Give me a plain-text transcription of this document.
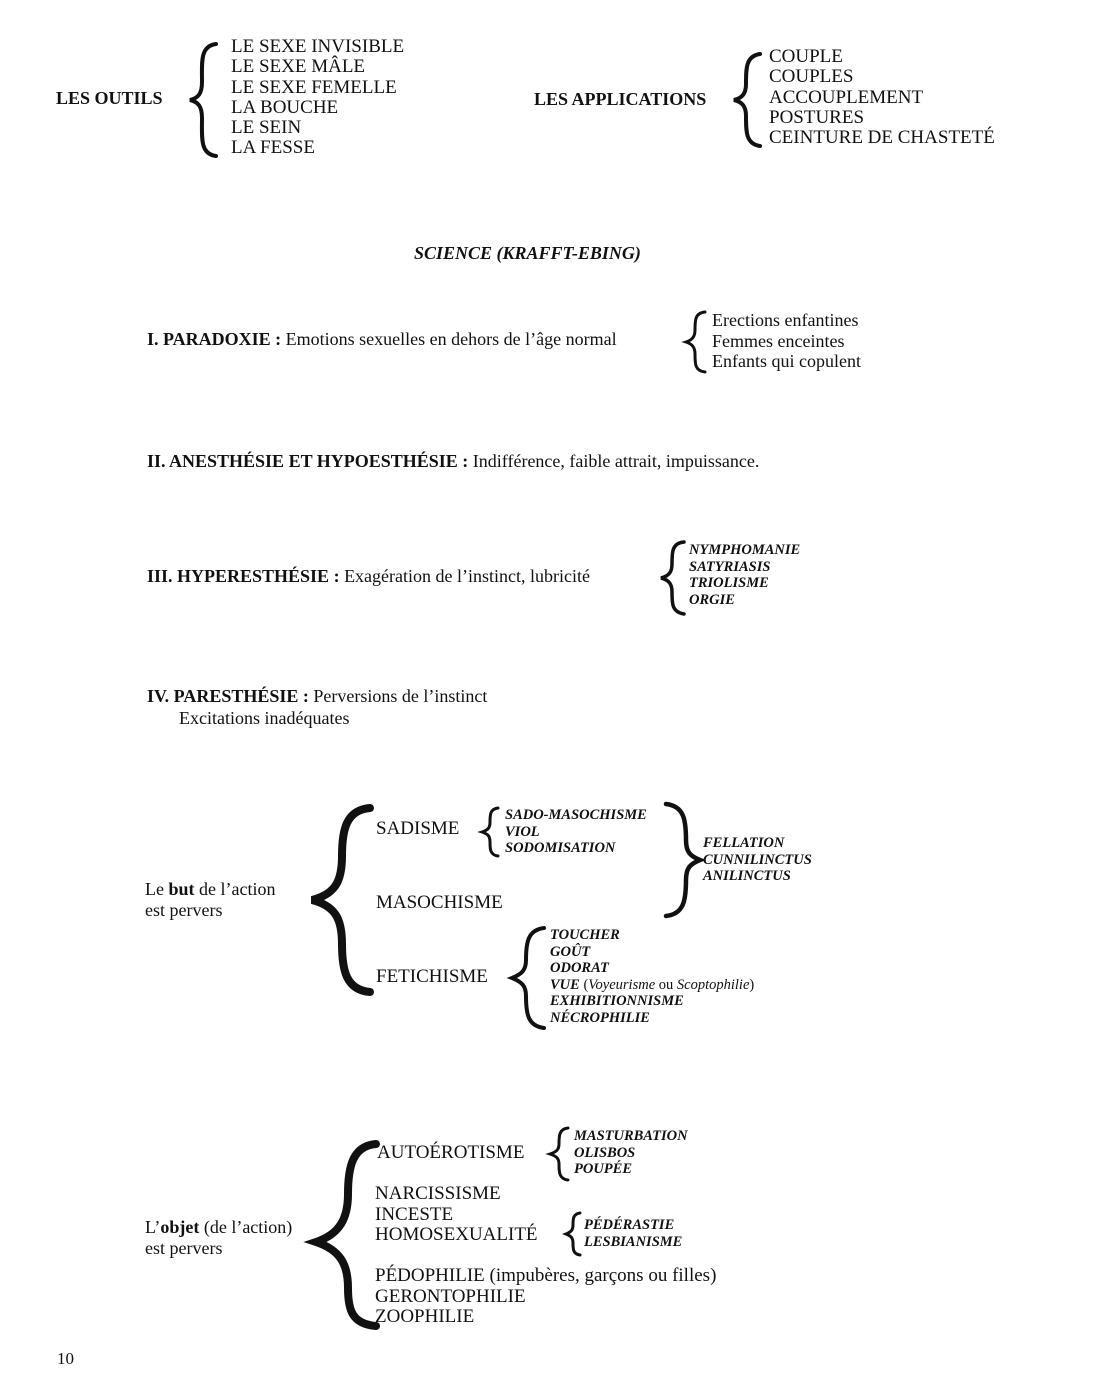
LES OUTILS
LE SEXE INVISIBLE
LE SEXE MÂLE
LE SEXE FEMELLE
LA BOUCHE
LE SEIN
LA FESSE
LES APPLICATIONS
COUPLE
COUPLES
ACCOUPLEMENT
POSTURES
CEINTURE DE CHASTETÉ
SCIENCE (KRAFFT-EBING)
I. PARADOXIE : Emotions sexuelles en dehors de l’âge normal
Erections enfantines
Femmes enceintes
Enfants qui copulent
II. ANESTHÉSIE ET HYPOESTHÉSIE : Indifférence, faible attrait, impuissance.
III. HYPERESTHÉSIE : Exagération de l’instinct, lubricité
NYMPHOMANIE
SATYRIASIS
TRIOLISME
ORGIE
IV. PARESTHÉSIE : Perversions de l’instinct
Excitations inadéquates
Le but de l’action
est pervers
SADISME
SADO-MASOCHISME
VIOL
SODOMISATION	FELLATION
CUNNILINCTUS
ANILINCTUS
MASOCHISME
FETICHISME
TOUCHER
GOÛT
ODORAT
VUE (Voyeurisme ou Scoptophilie)
EXHIBITIONNISME
NÉCROPHILIE
L’objet (de l’action)
est pervers
AUTOÉROTISME
MASTURBATION
OLISBOS
POUPÉE
NARCISSISME
INCESTE
HOMOSEXUALITÉ	PÉDÉRASTIE
LESBIANISME
PÉDOPHILIE (impubères, garçons ou filles)
GERONTOPHILIE
ZOOPHILIE
10
